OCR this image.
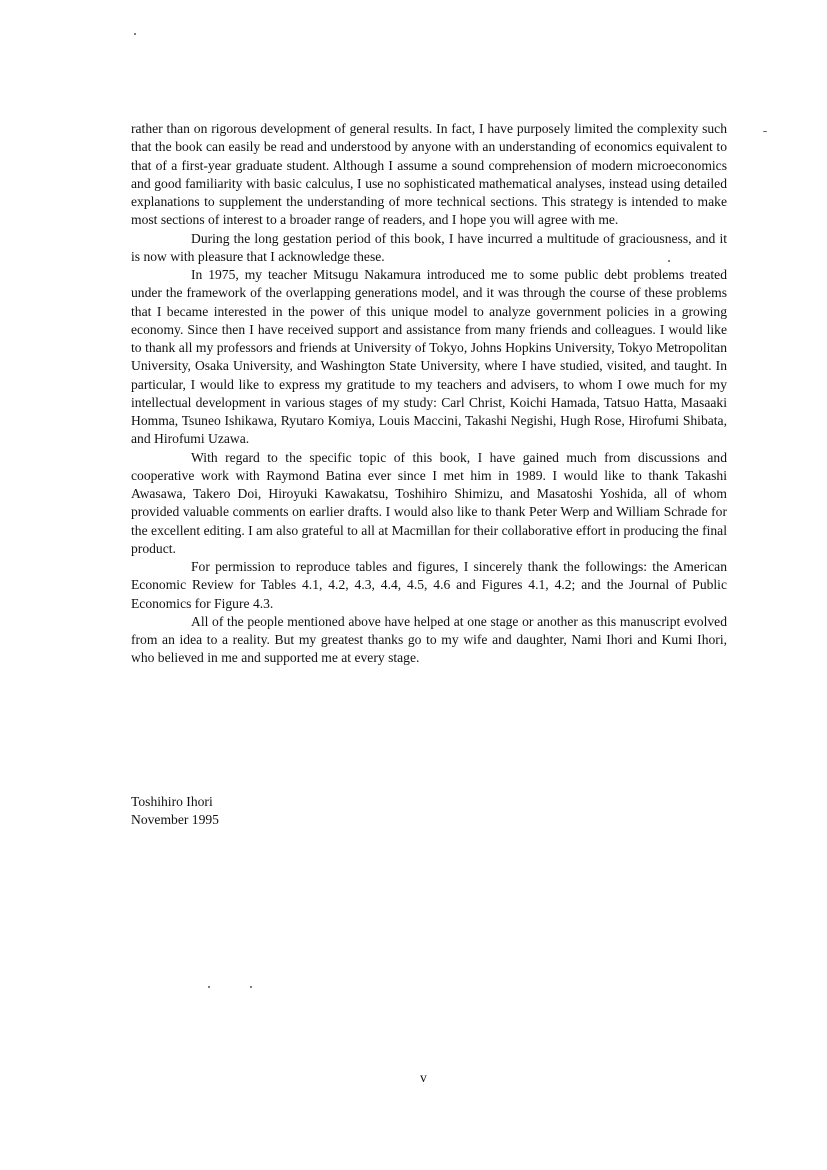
rather than on rigorous development of general results. In fact, I have purposely limited the complexity such that the book can easily be read and understood by anyone with an understanding of economics equivalent to that of a first-year graduate student. Although I assume a sound comprehension of modern microeconomics and good familiarity with basic calculus, I use no sophisticated mathematical analyses, instead using detailed explanations to supplement the understanding of more technical sections. This strategy is intended to make most sections of interest to a broader range of readers, and I hope you will agree with me.

During the long gestation period of this book, I have incurred a multitude of graciousness, and it is now with pleasure that I acknowledge these.

In 1975, my teacher Mitsugu Nakamura introduced me to some public debt problems treated under the framework of the overlapping generations model, and it was through the course of these problems that I became interested in the power of this unique model to analyze government policies in a growing economy. Since then I have received support and assistance from many friends and colleagues. I would like to thank all my professors and friends at University of Tokyo, Johns Hopkins University, Tokyo Metropolitan University, Osaka University, and Washington State University, where I have studied, visited, and taught. In particular, I would like to express my gratitude to my teachers and advisers, to whom I owe much for my intellectual development in various stages of my study: Carl Christ, Koichi Hamada, Tatsuo Hatta, Masaaki Homma, Tsuneo Ishikawa, Ryutaro Komiya, Louis Maccini, Takashi Negishi, Hugh Rose, Hirofumi Shibata, and Hirofumi Uzawa.

With regard to the specific topic of this book, I have gained much from discussions and cooperative work with Raymond Batina ever since I met him in 1989. I would like to thank Takashi Awasawa, Takero Doi, Hiroyuki Kawakatsu, Toshihiro Shimizu, and Masatoshi Yoshida, all of whom provided valuable comments on earlier drafts. I would also like to thank Peter Werp and William Schrade for the excellent editing. I am also grateful to all at Macmillan for their collaborative effort in producing the final product.

For permission to reproduce tables and figures, I sincerely thank the followings: the American Economic Review for Tables 4.1, 4.2, 4.3, 4.4, 4.5, 4.6 and Figures 4.1, 4.2; and the Journal of Public Economics for Figure 4.3.

All of the people mentioned above have helped at one stage or another as this manuscript evolved from an idea to a reality. But my greatest thanks go to my wife and daughter, Nami Ihori and Kumi Ihori, who believed in me and supported me at every stage.

Toshihiro Ihori
November 1995
v
